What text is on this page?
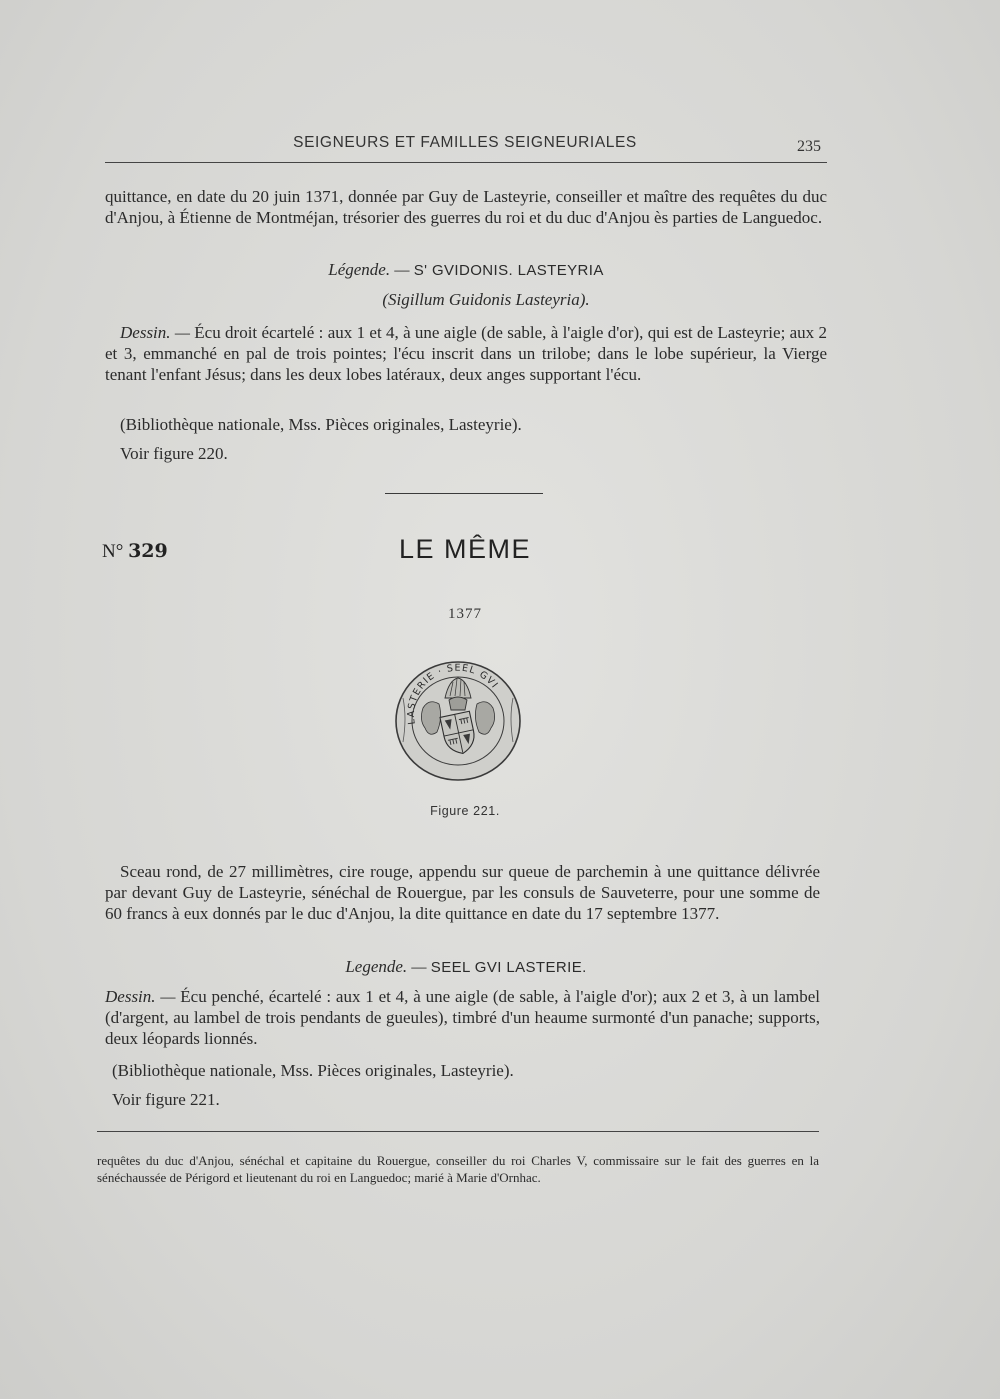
SEIGNEURS ET FAMILLES SEIGNEURIALES	235
quittance, en date du 20 juin 1371, donnée par Guy de Lasteyrie, conseiller et maître des requêtes du duc d'Anjou, à Étienne de Montméjan, trésorier des guerres du roi et du duc d'Anjou ès parties de Languedoc.
Légende. — S' GVIDONIS. LASTEYRIA
(Sigillum Guidonis Lasteyria).
Dessin. — Écu droit écartelé : aux 1 et 4, à une aigle (de sable, à l'aigle d'or), qui est de Lasteyrie; aux 2 et 3, emmanché en pal de trois pointes; l'écu inscrit dans un trilobe; dans le lobe supérieur, la Vierge tenant l'enfant Jésus; dans les deux lobes latéraux, deux anges supportant l'écu.
(Bibliothèque nationale, Mss. Pièces originales, Lasteyrie).
Voir figure 220.
N° 329	LE MÊME
1377
LASTERIE · SEEL GVI
Figure 221.
Sceau rond, de 27 millimètres, cire rouge, appendu sur queue de parchemin à une quittance délivrée par devant Guy de Lasteyrie, sénéchal de Rouergue, par les consuls de Sauveterre, pour une somme de 60 francs à eux donnés par le duc d'Anjou, la dite quittance en date du 17 septembre 1377.
Legende. — SEEL GVI LASTERIE.
Dessin. — Écu penché, écartelé : aux 1 et 4, à une aigle (de sable, à l'aigle d'or); aux 2 et 3, à un lambel (d'argent, au lambel de trois pendants de gueules), timbré d'un heaume surmonté d'un panache; supports, deux léopards lionnés.
(Bibliothèque nationale, Mss. Pièces originales, Lasteyrie).
Voir figure 221.
requêtes du duc d'Anjou, sénéchal et capitaine du Rouergue, conseiller du roi Charles V, commissaire sur le fait des guerres en la sénéchaussée de Périgord et lieutenant du roi en Languedoc; marié à Marie d'Ornhac.
